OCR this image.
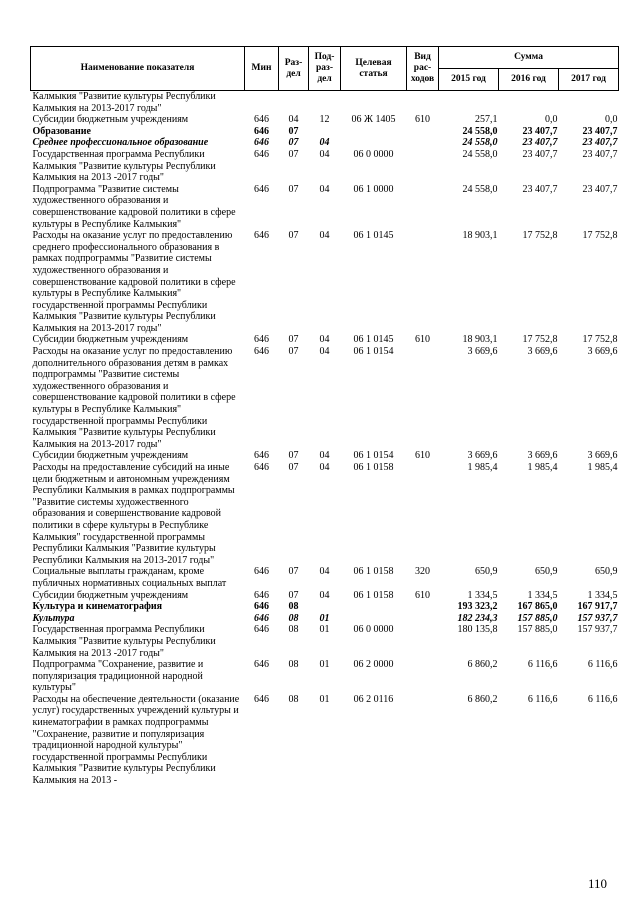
Наименование показателя	Мин	Раз-дел	Под-раз-дел	Целевая статья	Вид рас-ходов	Сумма		
						2015 год	2016 год	2017 год
Калмыкия "Развитие культуры Республики Калмыкия на 2013-2017 годы"								
Субсидии бюджетным учреждениям	646	04	12	06 Ж 1405	610	257,1	0,0	0,0
Образование	646	07				24 558,0	23 407,7	23 407,7
Среднее профессиональное образование	646	07	04			24 558,0	23 407,7	23 407,7
Государственная программа Республики Калмыкия "Развитие культуры Республики Калмыкия на 2013 -2017 годы"	646	07	04	06 0 0000		24 558,0	23 407,7	23 407,7
Подпрограмма "Развитие системы художественного образования и совершенствование кадровой политики в сфере культуры в Республике Калмыкия"	646	07	04	06 1 0000		24 558,0	23 407,7	23 407,7
Расходы на оказание услуг по предоставлению среднего профессионального образования в рамках подпрограммы "Развитие системы художественного образования и совершенствование кадровой политики в сфере культуры в Республике Калмыкия" государственной программы Республики Калмыкия "Развитие культуры Республики Калмыкия на 2013-2017 годы"	646	07	04	06 1 0145		18 903,1	17 752,8	17 752,8
Субсидии бюджетным учреждениям	646	07	04	06 1 0145	610	18 903,1	17 752,8	17 752,8
Расходы на оказание услуг по предоставлению дополнительного образования детям в рамках подпрограммы "Развитие системы художественного образования и совершенствование кадровой политики в сфере культуры в Республике Калмыкия" государственной программы Республики Калмыкия "Развитие культуры Республики Калмыкия на 2013-2017 годы"	646	07	04	06 1 0154		3 669,6	3 669,6	3 669,6
Субсидии бюджетным учреждениям	646	07	04	06 1 0154	610	3 669,6	3 669,6	3 669,6
Расходы на предоставление субсидий на иные цели бюджетным и автономным учреждениям Республики Калмыкия в рамках подпрограммы "Развитие системы художественного образования и совершенствование кадровой политики в сфере культуры в Республике Калмыкия" государственной программы Республики Калмыкия "Развитие культуры Республики Калмыкия на 2013-2017 годы"	646	07	04	06 1 0158		1 985,4	1 985,4	1 985,4
Социальные выплаты гражданам, кроме публичных нормативных социальных выплат	646	07	04	06 1 0158	320	650,9	650,9	650,9
Субсидии бюджетным учреждениям	646	07	04	06 1 0158	610	1 334,5	1 334,5	1 334,5
Культура и кинематография	646	08				193 323,2	167 865,0	167 917,7
Культура	646	08	01			182 234,3	157 885,0	157 937,7
Государственная программа Республики Калмыкия "Развитие культуры Республики Калмыкия на 2013 -2017 годы"	646	08	01	06 0 0000		180 135,8	157 885,0	157 937,7
Подпрограмма "Сохранение, развитие и популяризация традиционной народной культуры"	646	08	01	06 2 0000		6 860,2	6 116,6	6 116,6
Расходы на обеспечение деятельности (оказание услуг) государственных учреждений культуры и кинематографии в рамках подпрограммы "Сохранение, развитие и популяризация традиционной народной культуры" государственной программы Республики Калмыкия "Развитие культуры Республики Калмыкия на 2013 -	646	08	01	06 2 0116		6 860,2	6 116,6	6 116,6
110
